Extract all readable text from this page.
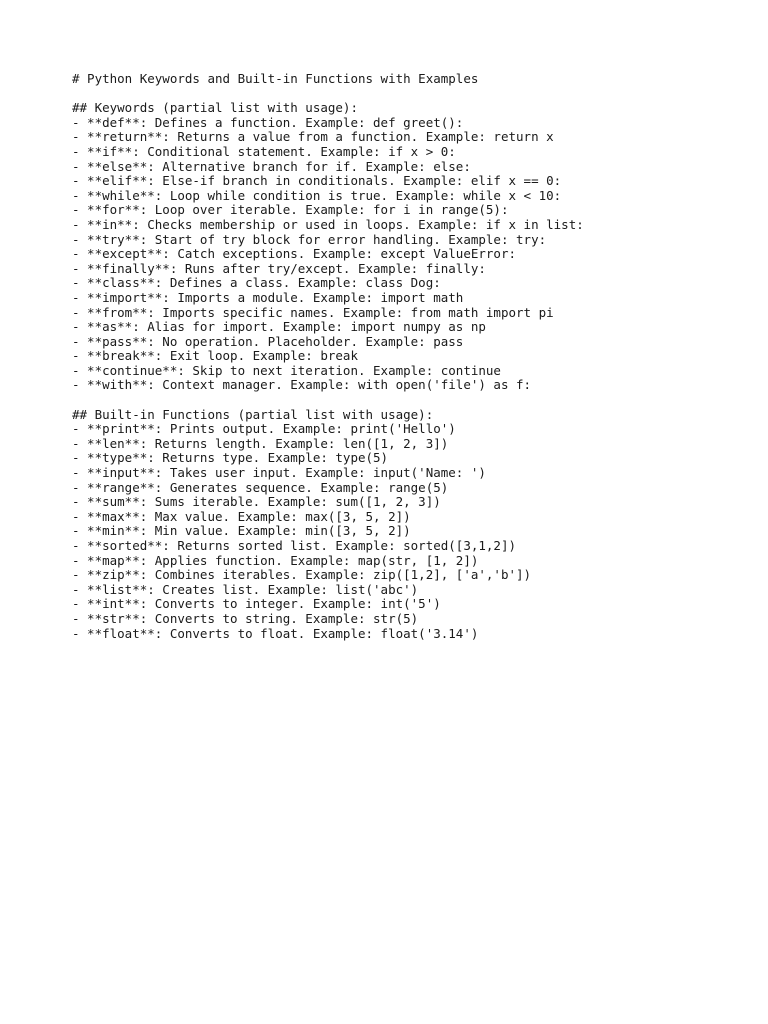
# Python Keywords and Built-in Functions with Examples
## Keywords (partial list with usage):
- **def**: Defines a function. Example: def greet():
- **return**: Returns a value from a function. Example: return x
- **if**: Conditional statement. Example: if x > 0:
- **else**: Alternative branch for if. Example: else:
- **elif**: Else-if branch in conditionals. Example: elif x == 0:
- **while**: Loop while condition is true. Example: while x < 10:
- **for**: Loop over iterable. Example: for i in range(5):
- **in**: Checks membership or used in loops. Example: if x in list:
- **try**: Start of try block for error handling. Example: try:
- **except**: Catch exceptions. Example: except ValueError:
- **finally**: Runs after try/except. Example: finally:
- **class**: Defines a class. Example: class Dog:
- **import**: Imports a module. Example: import math
- **from**: Imports specific names. Example: from math import pi
- **as**: Alias for import. Example: import numpy as np
- **pass**: No operation. Placeholder. Example: pass
- **break**: Exit loop. Example: break
- **continue**: Skip to next iteration. Example: continue
- **with**: Context manager. Example: with open('file') as f:
## Built-in Functions (partial list with usage):
- **print**: Prints output. Example: print('Hello')
- **len**: Returns length. Example: len([1, 2, 3])
- **type**: Returns type. Example: type(5)
- **input**: Takes user input. Example: input('Name: ')
- **range**: Generates sequence. Example: range(5)
- **sum**: Sums iterable. Example: sum([1, 2, 3])
- **max**: Max value. Example: max([3, 5, 2])
- **min**: Min value. Example: min([3, 5, 2])
- **sorted**: Returns sorted list. Example: sorted([3,1,2])
- **map**: Applies function. Example: map(str, [1, 2])
- **zip**: Combines iterables. Example: zip([1,2], ['a','b'])
- **list**: Creates list. Example: list('abc')
- **int**: Converts to integer. Example: int('5')
- **str**: Converts to string. Example: str(5)
- **float**: Converts to float. Example: float('3.14')
